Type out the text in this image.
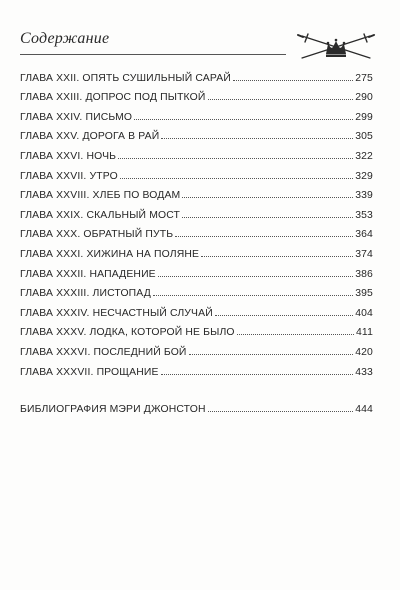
Содержание
ГЛАВА XXII. ОПЯТЬ СУШИЛЬНЫЙ САРАЙ	275
ГЛАВА XXIII. ДОПРОС ПОД ПЫТКОЙ	290
ГЛАВА XXIV. ПИСЬМО	299
ГЛАВА XXV. ДОРОГА В РАЙ	305
ГЛАВА XXVI. НОЧЬ	322
ГЛАВА XXVII. УТРО	329
ГЛАВА XXVIII. ХЛЕБ ПО ВОДАМ	339
ГЛАВА XXIX. СКАЛЬНЫЙ МОСТ	353
ГЛАВА XXX. ОБРАТНЫЙ ПУТЬ	364
ГЛАВА XXXI. ХИЖИНА НА ПОЛЯНЕ	374
ГЛАВА XXXII. НАПАДЕНИЕ	386
ГЛАВА XXXIII. ЛИСТОПАД	395
ГЛАВА XXXIV. НЕСЧАСТНЫЙ СЛУЧАЙ	404
ГЛАВА XXXV. ЛОДКА, КОТОРОЙ НЕ БЫЛО	411
ГЛАВА XXXVI. ПОСЛЕДНИЙ БОЙ	420
ГЛАВА XXXVII. ПРОЩАНИЕ	433
БИБЛИОГРАФИЯ МЭРИ ДЖОНСТОН	444
